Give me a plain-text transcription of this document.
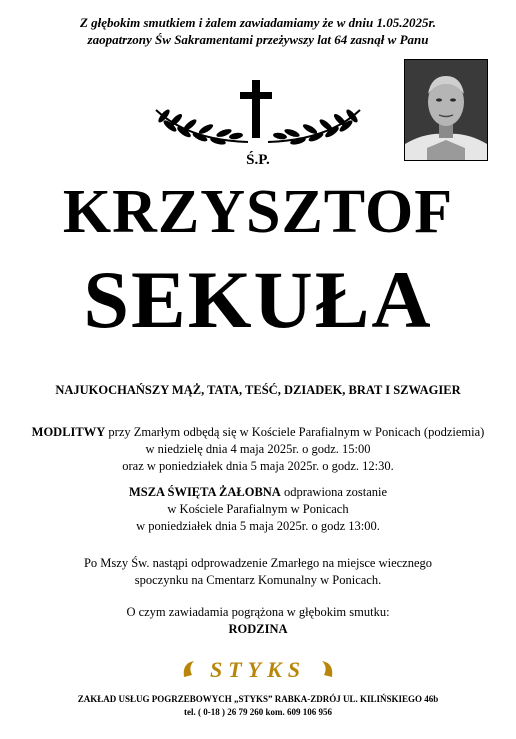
Z głębokim smutkiem i żalem zawiadamiamy że w dniu 1.05.2025r.
zaopatrzony Św Sakramentami przeżywszy lat 64 zasnął w Panu
Ś.P.
KRZYSZTOF
SEKUŁA
NAJUKOCHAŃSZY MĄŻ, TATA, TEŚĆ, DZIADEK, BRAT I SZWAGIER
MODLITWY przy Zmarłym odbędą się w Kościele Parafialnym w Ponicach (podziemia)
w niedzielę dnia 4 maja 2025r. o godz. 15:00
oraz w poniedziałek dnia 5 maja 2025r. o godz. 12:30.
MSZA ŚWIĘTA ŻAŁOBNA odprawiona zostanie
w Kościele Parafialnym w Ponicach
w poniedziałek dnia 5 maja 2025r. o godz 13:00.
Po Mszy Św. nastąpi odprowadzenie Zmarłego na miejsce wiecznego
spoczynku na Cmentarz Komunalny w Ponicach.
O czym zawiadamia pogrążona w głębokim smutku:
RODZINA
STYKS
ZAKŁAD USŁUG POGRZEBOWYCH „STYKS” RABKA-ZDRÓJ UL. KILIŃSKIEGO 46b
tel. ( 0-18 ) 26 79 260 kom. 609 106 956
